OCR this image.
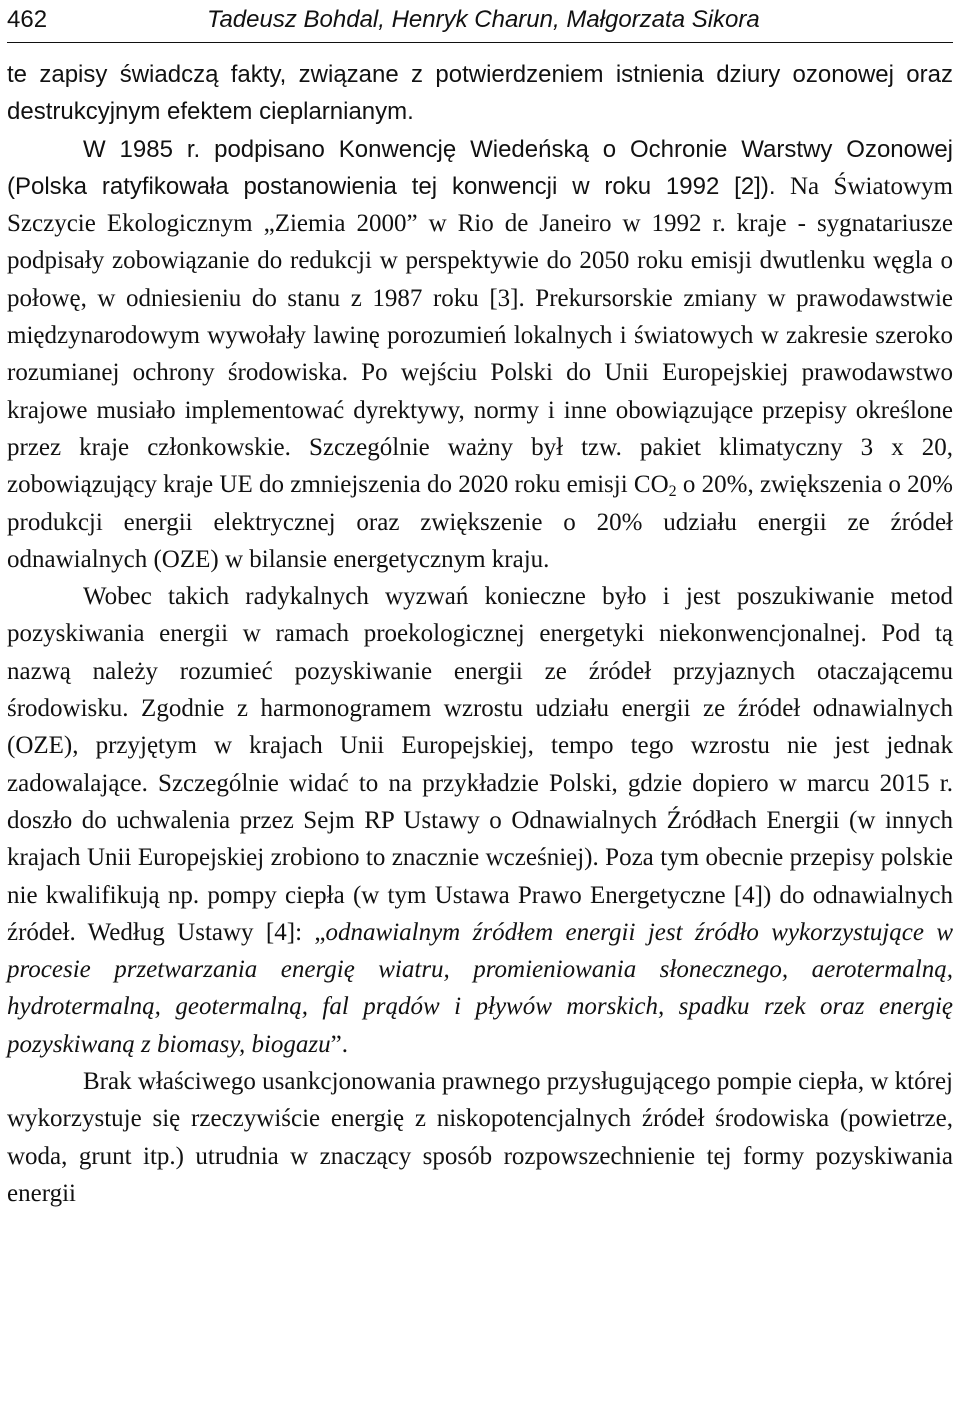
462	Tadeusz Bohdal, Henryk Charun, Małgorzata Sikora

te zapisy świadczą fakty, związane z potwierdzeniem istnienia dziury ozonowej oraz destrukcyjnym efektem cieplarnianym.

W 1985 r. podpisano Konwencję Wiedeńską o Ochronie Warstwy Ozonowej (Polska ratyfikowała postanowienia tej konwencji w roku 1992 [2]). Na Światowym Szczycie Ekologicznym „Ziemia 2000” w Rio de Janeiro w 1992 r. kraje - sygnatariusze podpisały zobowiązanie do redukcji w perspektywie do 2050 roku emisji dwutlenku węgla o połowę, w odniesieniu do stanu z 1987 roku [3]. Prekursorskie zmiany w prawodawstwie międzynarodowym wywołały lawinę porozumień lokalnych i światowych w zakresie szeroko rozumianej ochrony środowiska. Po wejściu Polski do Unii Europejskiej prawodawstwo krajowe musiało implementować dyrektywy, normy i inne obowiązujące przepisy określone przez kraje członkowskie. Szczególnie ważny był tzw. pakiet klimatyczny 3 x 20, zobowiązujący kraje UE do zmniejszenia do 2020 roku emisji $CO_2$ o 20%, zwiększenia o 20% produkcji energii elektrycznej oraz zwiększenie o 20% udziału energii ze źródeł odnawialnych (OZE) w bilansie energetycznym kraju.

Wobec takich radykalnych wyzwań konieczne było i jest poszukiwanie metod pozyskiwania energii w ramach proekologicznej energetyki niekonwencjonalnej. Pod tą nazwą należy rozumieć pozyskiwanie energii ze źródeł przyjaznych otaczającemu środowisku. Zgodnie z harmonogramem wzrostu udziału energii ze źródeł odnawialnych (OZE), przyjętym w krajach Unii Europejskiej, tempo tego wzrostu nie jest jednak zadowalające. Szczególnie widać to na przykładzie Polski, gdzie dopiero w marcu 2015 r. doszło do uchwalenia przez Sejm RP Ustawy o Odnawialnych Źródłach Energii (w innych krajach Unii Europejskiej zrobiono to znacznie wcześniej). Poza tym obecnie przepisy polskie nie kwalifikują np. pompy ciepła (w tym Ustawa Prawo Energetyczne [4]) do odnawialnych źródeł. Według Ustawy [4]: „odnawialnym źródłem energii jest źródło wykorzystujące w procesie przetwarzania energię wiatru, promieniowania słonecznego, aerotermalną, hydrotermalną, geotermalną, fal prądów i pływów morskich, spadku rzek oraz energię pozyskiwaną z biomasy, biogazu”.

Brak właściwego usankcjonowania prawnego przysługującego pompie ciepła, w której wykorzystuje się rzeczywiście energię z niskopotencjalnych źródeł środowiska (powietrze, woda, grunt itp.) utrudnia w znaczący sposób rozpowszechnienie tej formy pozyskiwania energii
